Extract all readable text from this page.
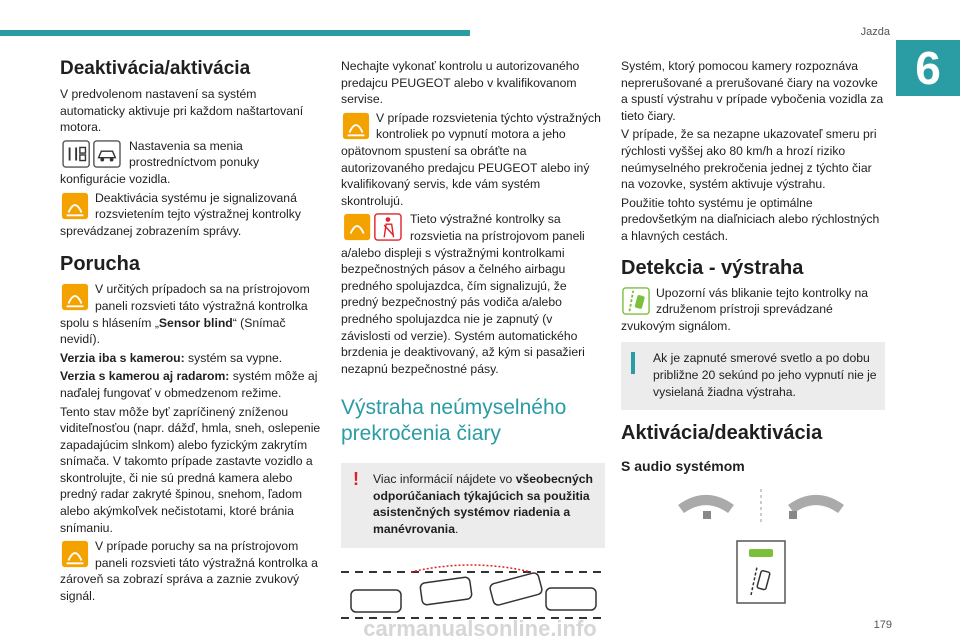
Jazda
6
Deaktivácia/aktivácia

V predvolenom nastavení sa systém automaticky aktivuje pri každom naštartovaní motora.

Nastavenia sa menia prostredníctvom ponuky konfigurácie vozidla.

Deaktivácia systému je signalizovaná rozsvietením tejto výstražnej kontrolky sprevádzanej zobrazením správy.

Porucha

V určitých prípadoch sa na prístrojovom paneli rozsvieti táto výstražná kontrolka spolu s hlásením „Sensor blind“ (Snímač nevidí).

Verzia iba s kamerou: systém sa vypne.

Verzia s kamerou aj radarom: systém môže aj naďalej fungovať v obmedzenom režime.

Tento stav môže byť zapríčinený zníženou viditeľnosťou (napr. dážď, hmla, sneh, oslepenie zapadajúcim slnkom) alebo fyzickým zakrytím snímača. V takomto prípade zastavte vozidlo a skontrolujte, či nie sú predná kamera alebo predný radar zakryté špinou, snehom, ľadom alebo akýmkoľvek nečistotami, ktoré bránia snímaniu.

V prípade poruchy sa na prístrojovom paneli rozsvieti táto výstražná kontrolka a zároveň sa zobrazí správa a zaznie zvukový signál.

Nechajte vykonať kontrolu u autorizovaného predajcu PEUGEOT alebo v kvalifikovanom servise.

V prípade rozsvietenia týchto výstražných kontroliek po vypnutí motora a jeho opätovnom spustení sa obráťte na autorizovaného predajcu PEUGEOT alebo iný kvalifikovaný servis, kde vám systém skontrolujú.

Tieto výstražné kontrolky sa rozsvietia na prístrojovom paneli a/alebo displeji s výstražnými kontrolkami bezpečnostných pásov a čelného airbagu predného spolujazdca, čím signalizujú, že predný bezpečnostný pás vodiča a/alebo predného spolujazdca nie je zapnutý (v závislosti od verzie). Systém automatického brzdenia je deaktivovaný, až kým si pasažieri nezapnú bezpečnostné pásy.

Výstraha neúmyselného prekročenia čiary
!	Viac informácií nájdete vo všeobecných odporúčaniach týkajúcich sa použitia asistenčných systémov riadenia a manévrovania.

Systém, ktorý pomocou kamery rozpoznáva neprerušované a prerušované čiary na vozovke a spustí výstrahu v prípade vybočenia vozidla za tieto čiary.

V prípade, že sa nezapne ukazovateľ smeru pri rýchlosti vyššej ako 80 km/h a hrozí riziko neúmyselného prekročenia jednej z týchto čiar na vozovke, systém aktivuje výstrahu.

Použitie tohto systému je optimálne predovšetkým na diaľniciach alebo rýchlostných a hlavných cestách.

Detekcia - výstraha

Upozorní vás blikanie tejto kontrolky na združenom prístroji sprevádzané zvukovým signálom.

Ak je zapnuté smerové svetlo a po dobu približne 20 sekúnd po jeho vypnutí nie je vysielaná žiadna výstraha.
Aktivácia/deaktivácia
S audio systémom
carmanualsonline.info	179
